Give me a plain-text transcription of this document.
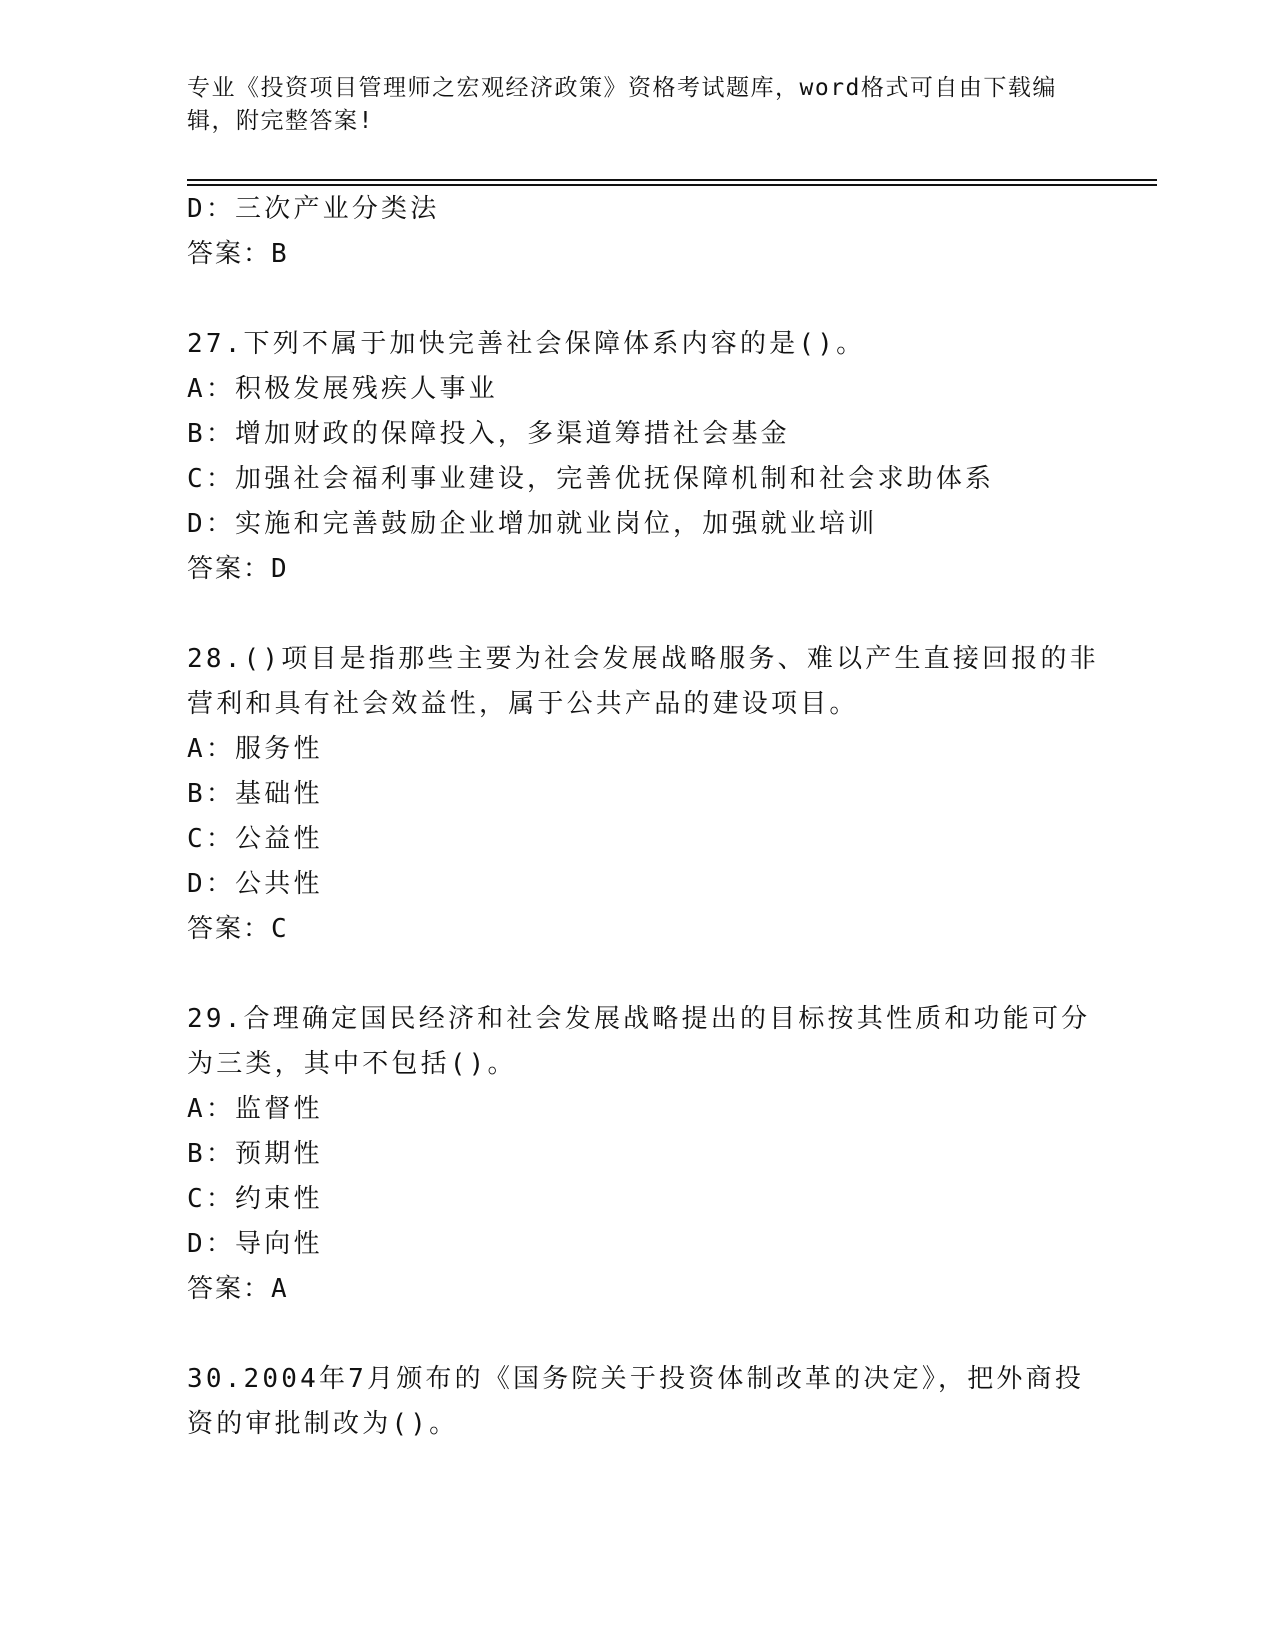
专业《投资项目管理师之宏观经济政策》资格考试题库，word格式可自由下载编
辑，附完整答案!
D：三次产业分类法
答案：B
27.下列不属于加快完善社会保障体系内容的是()。
A：积极发展残疾人事业
B：增加财政的保障投入，多渠道筹措社会基金
C：加强社会福利事业建设，完善优抚保障机制和社会求助体系
D：实施和完善鼓励企业增加就业岗位，加强就业培训
答案：D
28.()项目是指那些主要为社会发展战略服务、难以产生直接回报的非
营利和具有社会效益性，属于公共产品的建设项目。
A：服务性
B：基础性
C：公益性
D：公共性
答案：C
29.合理确定国民经济和社会发展战略提出的目标按其性质和功能可分
为三类，其中不包括()。
A：监督性
B：预期性
C：约束性
D：导向性
答案：A
30.2004年7月颁布的《国务院关于投资体制改革的决定》，把外商投
资的审批制改为()。
